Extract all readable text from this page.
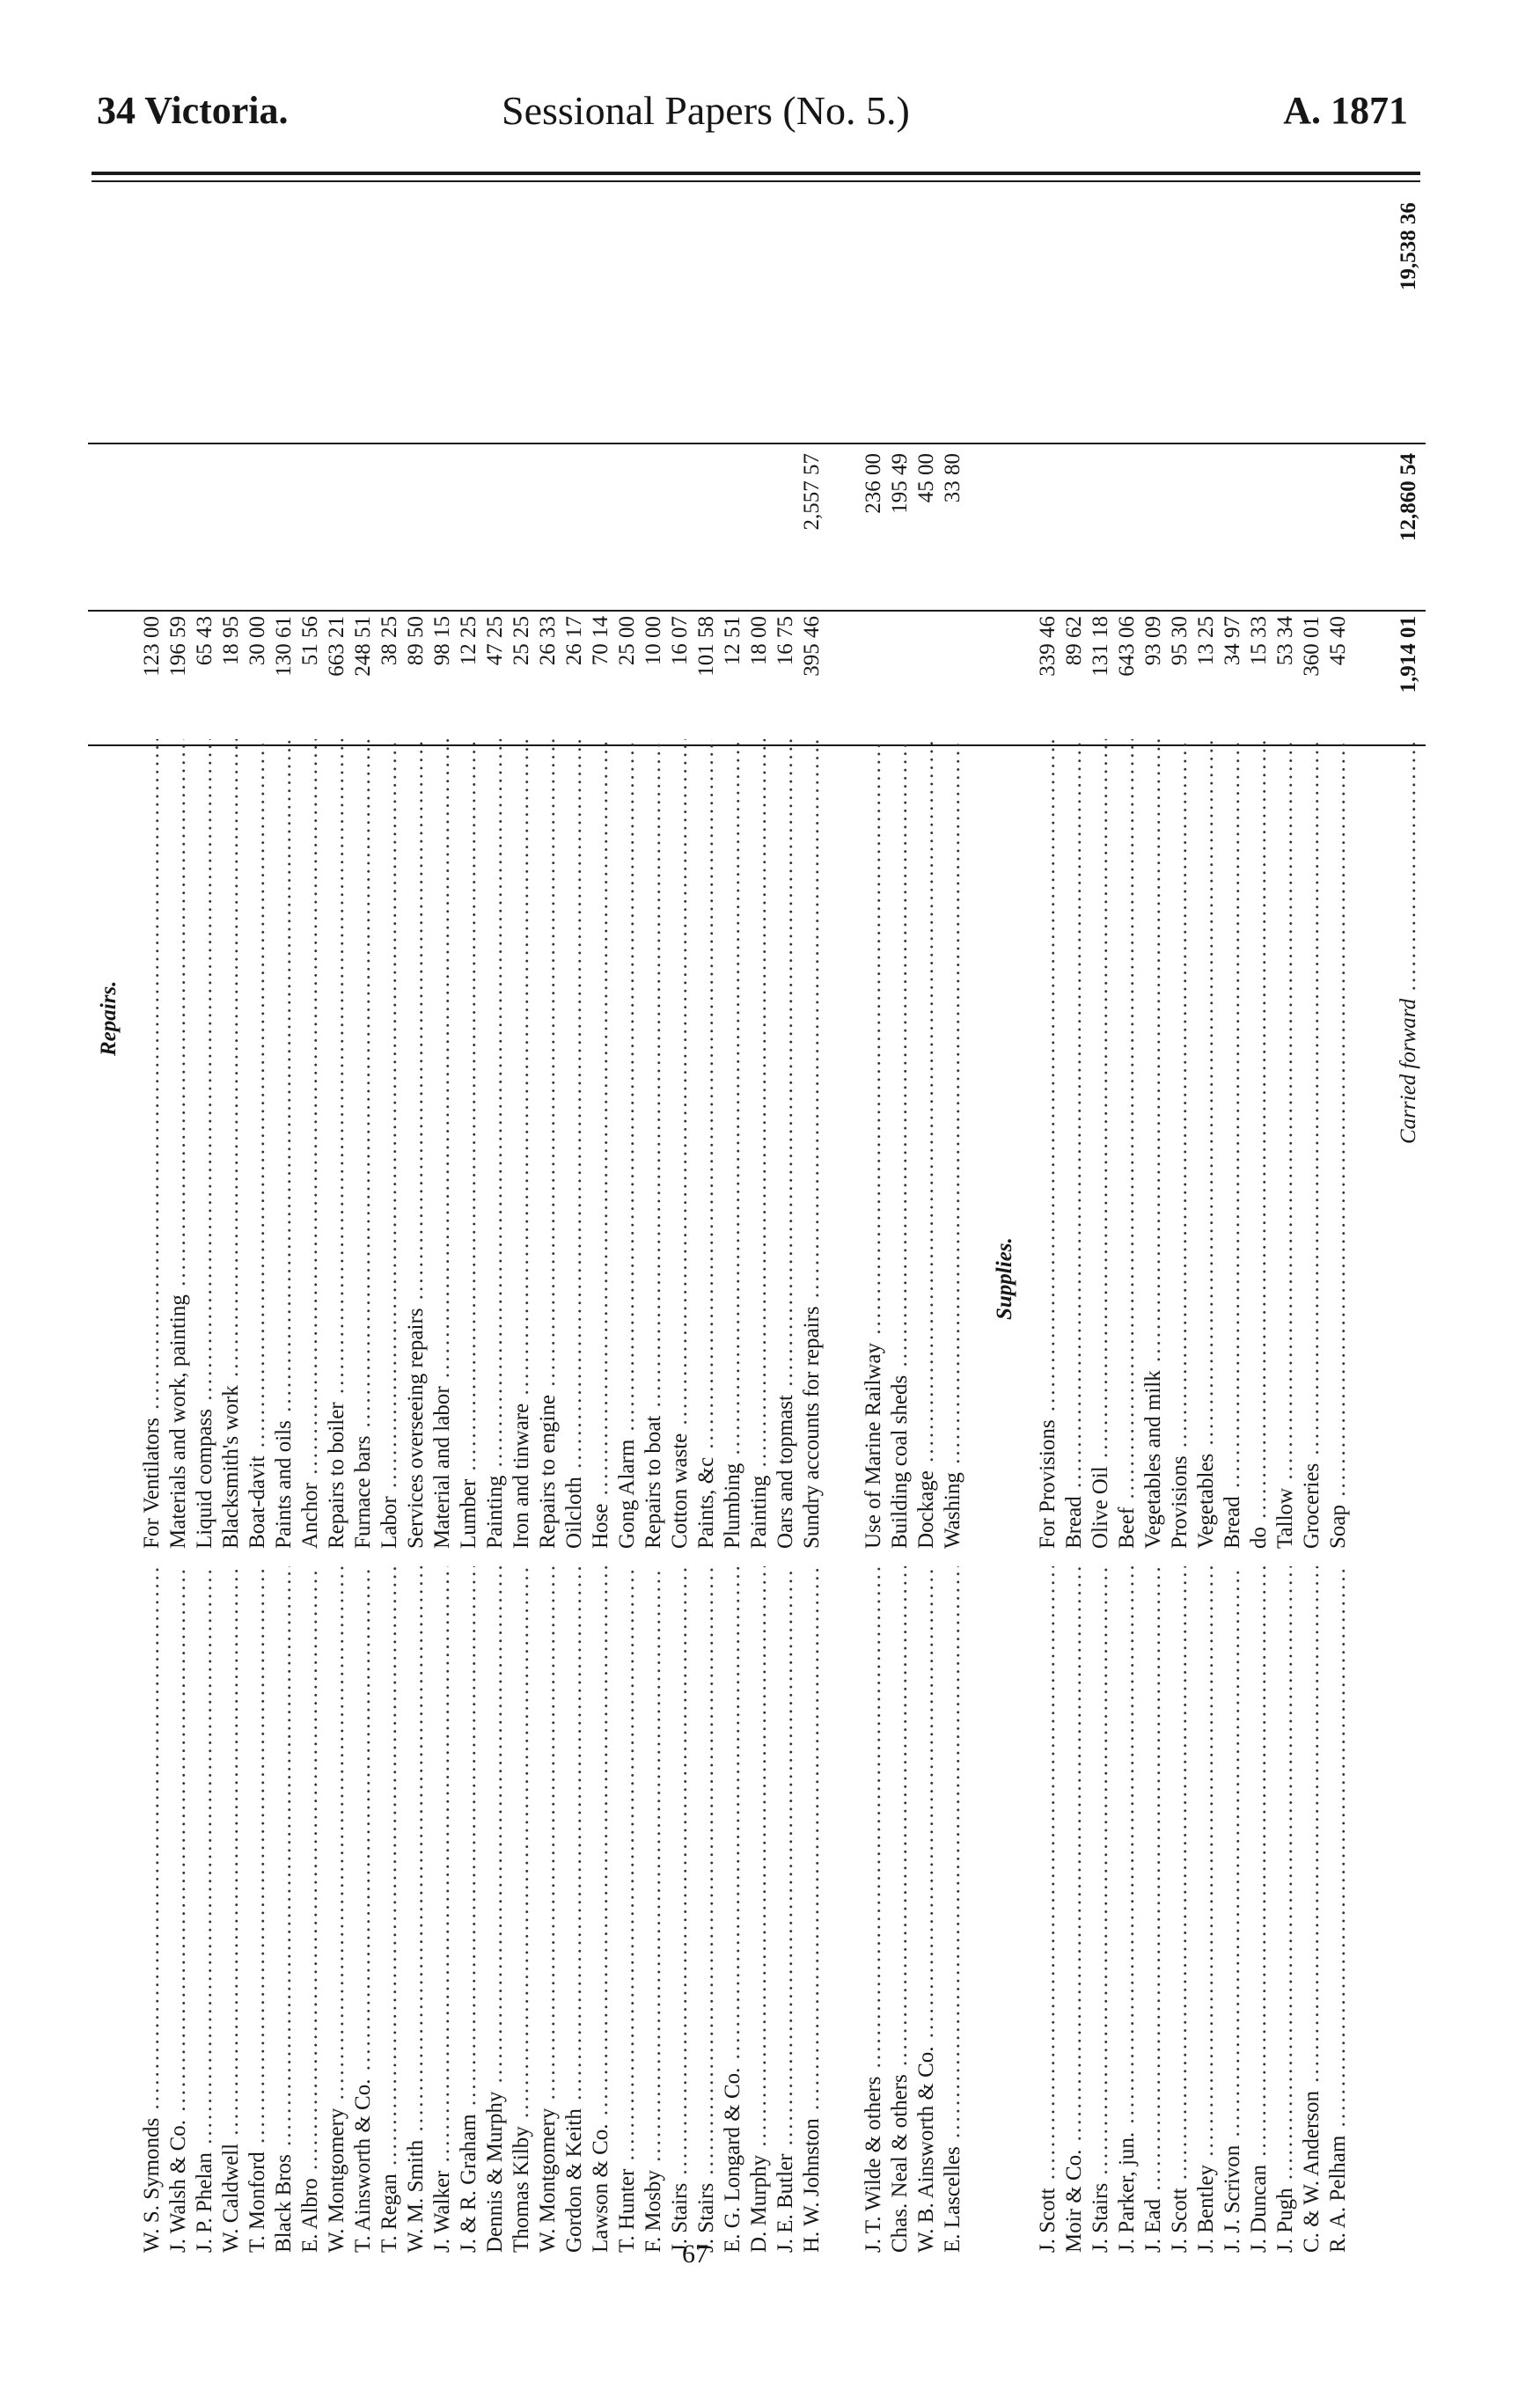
34 Victoria.	Sessional Papers (No. 5.)	A. 1871
Repairs.
W. S. Symonds .....
For Ventilators .....
123 00
J. Walsh & Co. .....
Materials and work, painting .....
196 59
J. P. Phelan .....
Liquid compass .....
65 43
W. Caldwell .....
Blacksmith's work .....
18 95
T. Monford .....
Boat-davit .....
30 00
Black Bros .....
Paints and oils .....
130 61
E. Albro .....
Anchor .....
51 56
W. Montgomery .....
Repairs to boiler .....
663 21
T. Ainsworth & Co. .....
Furnace bars .....
248 51
T. Regan .....
Labor .....
38 25
W. M. Smith .....
Services overseeing repairs .....
89 50
J. Walker .....
Material and labor .....
98 15
J. & R. Graham .....
Lumber .....
12 25
Dennis & Murphy .....
Painting .....
47 25
Thomas Kilby .....
Iron and tinware .....
25 25
W. Montgomery .....
Repairs to engine .....
26 33
Gordon & Keith .....
Oilcloth .....
26 17
Lawson & Co. .....
Hose .....
70 14
T. Hunter .....
Gong Alarm .....
25 00
F. Mosby .....
Repairs to boat .....
10 00
J. Stairs .....
Cotton waste .....
16 07
J. Stairs .....
Paints, &c .....
101 58
E. G. Longard & Co. .....
Plumbing .....
12 51
D. Murphy .....
Painting .....
18 00
J. E. Butler .....
Oars and topmast .....
16 75
H. W. Johnston .....
Sundry accounts for repairs .....
395 46
2,557 57
J. T. Wilde & others .....
Use of Marine Railway .....
236 00
Chas. Neal & others .....
Building coal sheds .....
195 49
W. B. Ainsworth & Co. .....
Dockage .....
45 00
E. Lascelles .....
Washing .....
33 80
Supplies.
J. Scott .....
For Provisions .....
339 46
Moir & Co. .....
Bread .....
89 62
J. Stairs .....
Olive Oil .....
131 18
J. Parker, jun. .....
Beef .....
643 06
J. Ead .....
Vegetables and milk .....
93 09
J. Scott .....
Provisions .....
95 30
J. Bentley .....
Vegetables .....
13 25
J. J. Scrivon .....
Bread .....
34 97
J. Duncan .....
do .....
15 33
J. Pugh .....
Tallow .....
53 34
C. & W. Anderson .....
Groceries .....
360 01
R. A. Pelham .....
Soap .....
45 40
Carried forward .....
1,914 01
12,860 54
19,538 36
67
